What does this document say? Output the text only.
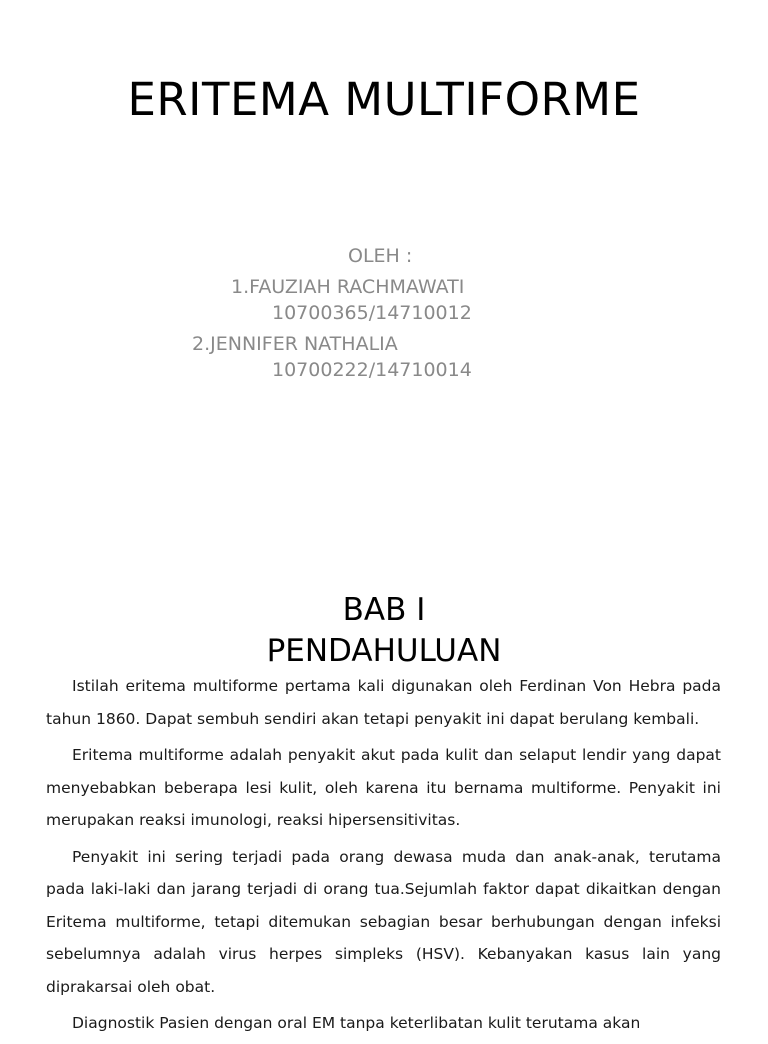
ERITEMA MULTIFORME
OLEH :
1.FAUZIAH RACHMAWATI
10700365/14710012
2.JENNIFER NATHALIA
10700222/14710014
BAB I
PENDAHULUAN

Istilah eritema multiforme pertama kali digunakan oleh Ferdinan Von Hebra pada tahun 1860. Dapat sembuh sendiri akan tetapi penyakit ini dapat berulang kembali.

Eritema multiforme adalah penyakit akut pada kulit dan selaput lendir yang dapat menyebabkan beberapa lesi kulit, oleh karena itu bernama multiforme. Penyakit ini merupakan reaksi imunologi, reaksi hipersensitivitas.

Penyakit ini sering terjadi pada orang dewasa muda dan anak-anak, terutama pada laki-laki dan jarang terjadi di orang tua.Sejumlah faktor dapat dikaitkan dengan Eritema multiforme, tetapi ditemukan sebagian besar berhubungan dengan infeksi sebelumnya adalah virus herpes simpleks (HSV). Kebanyakan kasus lain yang diprakarsai oleh obat.

Diagnostik Pasien dengan oral EM tanpa keterlibatan kulit terutama akan
